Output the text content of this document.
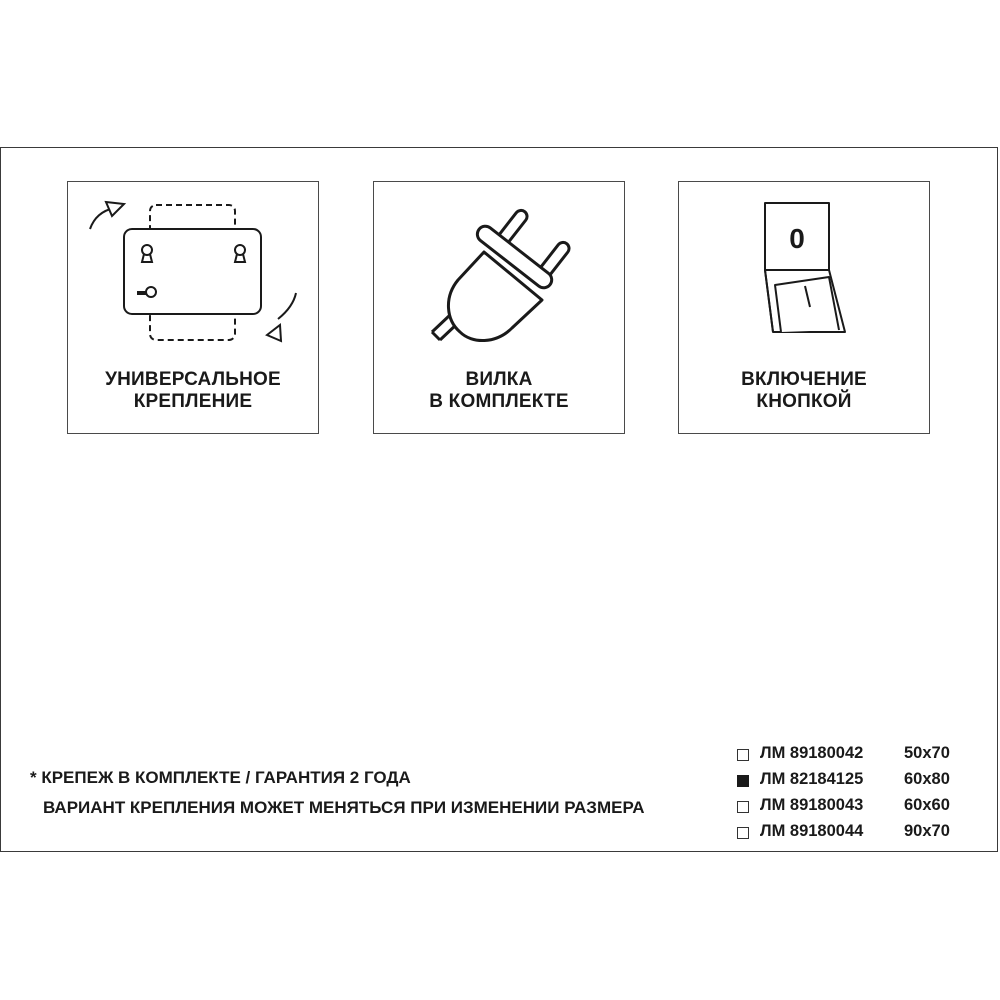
УНИВЕРСАЛЬНОЕ
КРЕПЛЕНИЕ
ВИЛКА
В КОМПЛЕКТЕ
0
ВКЛЮЧЕНИЕ
КНОПКОЙ
* КРЕПЕЖ В КОМПЛЕКТЕ / ГАРАНТИЯ 2 ГОДА
ВАРИАНТ КРЕПЛЕНИЯ МОЖЕТ МЕНЯТЬСЯ ПРИ ИЗМЕНЕНИИ РАЗМЕРА
ЛМ 89180042 50x70
ЛМ 82184125 60x80
ЛМ 89180043 60x60
ЛМ 89180044 90x70
